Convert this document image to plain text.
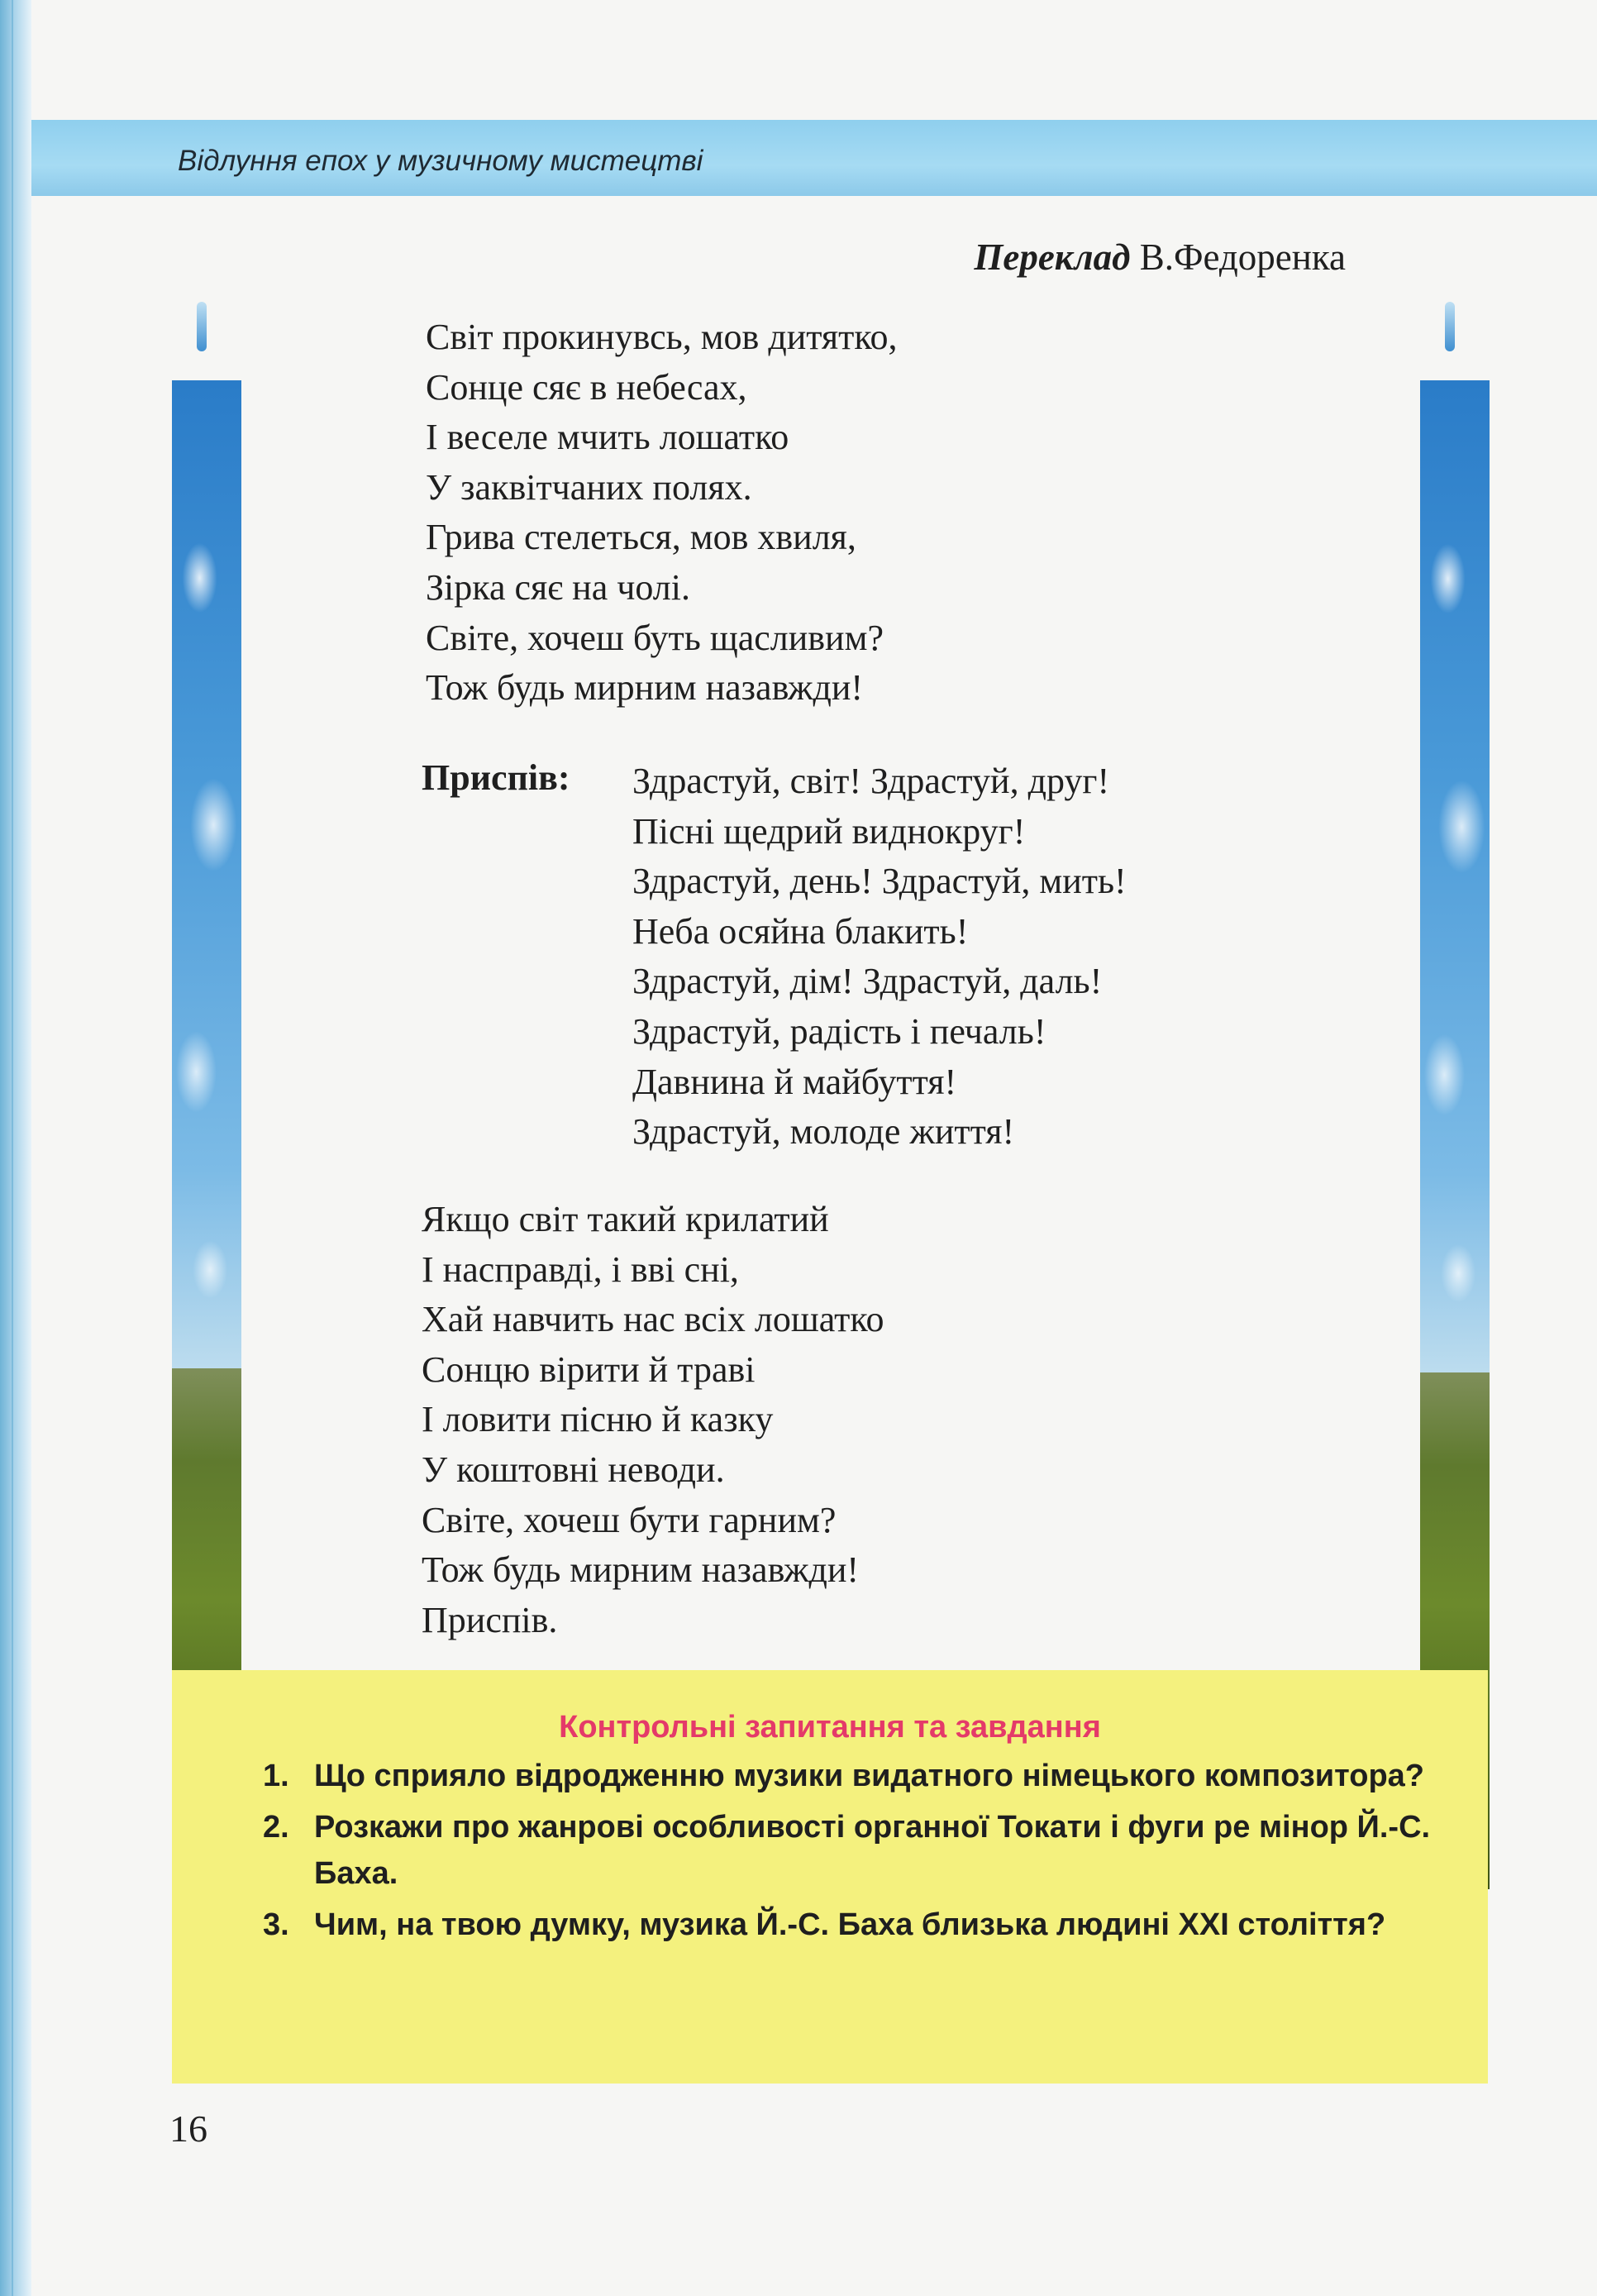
Відлуння епох у музичному мистецтві
Переклад В.Федоренка
Світ прокинувсь, мов дитятко,
Сонце сяє в небесах,
І веселе мчить лошатко
У заквітчаних полях.
Грива стелеться, мов хвиля,
Зірка сяє на чолі.
Світе, хочеш буть щасливим?
Тож будь мирним назавжди!
Приспів: Здрастуй, світ! Здрастуй, друг!
Пісні щедрий виднокруг!
Здрастуй, день! Здрастуй, мить!
Неба осяйна блакить!
Здрастуй, дім! Здрастуй, даль!
Здрастуй, радість і печаль!
Давнина й майбуття!
Здрастуй, молоде життя!
Якщо світ такий крилатий
І насправді, і вві сні,
Хай навчить нас всіх лошатко
Сонцю вірити й траві
І ловити пісню й казку
У коштовні неводи.
Світе, хочеш бути гарним?
Тож будь мирним назавжди!
Приспів.
Контрольні запитання та завдання
1. Що сприяло відродженню музики видатного німецького композитора?
2. Розкажи про жанрові особливості органної Токати і фуги ре мінор Й.-С. Баха.
3. Чим, на твою думку, музика Й.-С. Баха близька людині XXI століття?
16
